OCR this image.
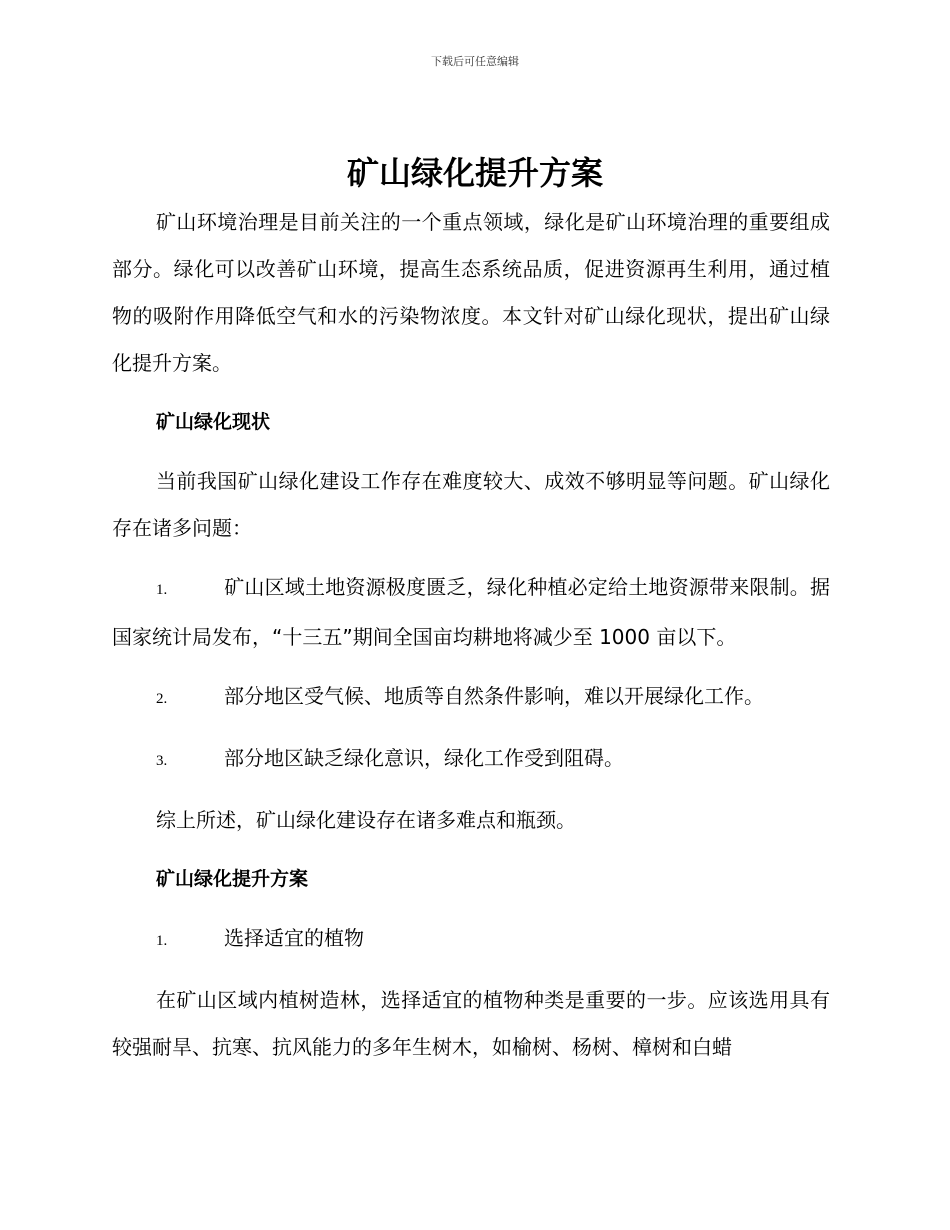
下载后可任意编辑
矿山绿化提升方案

矿山环境治理是目前关注的一个重点领域，绿化是矿山环境治理的重要组成部分。绿化可以改善矿山环境，提高生态系统品质，促进资源再生利用，通过植物的吸附作用降低空气和水的污染物浓度。本文针对矿山绿化现状，提出矿山绿化提升方案。

矿山绿化现状

当前我国矿山绿化建设工作存在难度较大、成效不够明显等问题。矿山绿化存在诸多问题：

1.	矿山区域土地资源极度匮乏，绿化种植必定给土地资源带来限制。据国家统计局发布，“十三五”期间全国亩均耕地将减少至 1000 亩以下。

2.	部分地区受气候、地质等自然条件影响，难以开展绿化工作。

3.	部分地区缺乏绿化意识，绿化工作受到阻碍。

综上所述，矿山绿化建设存在诸多难点和瓶颈。

矿山绿化提升方案

1.	选择适宜的植物

在矿山区域内植树造林，选择适宜的植物种类是重要的一步。应该选用具有较强耐旱、抗寒、抗风能力的多年生树木，如榆树、杨树、樟树和白蜡
